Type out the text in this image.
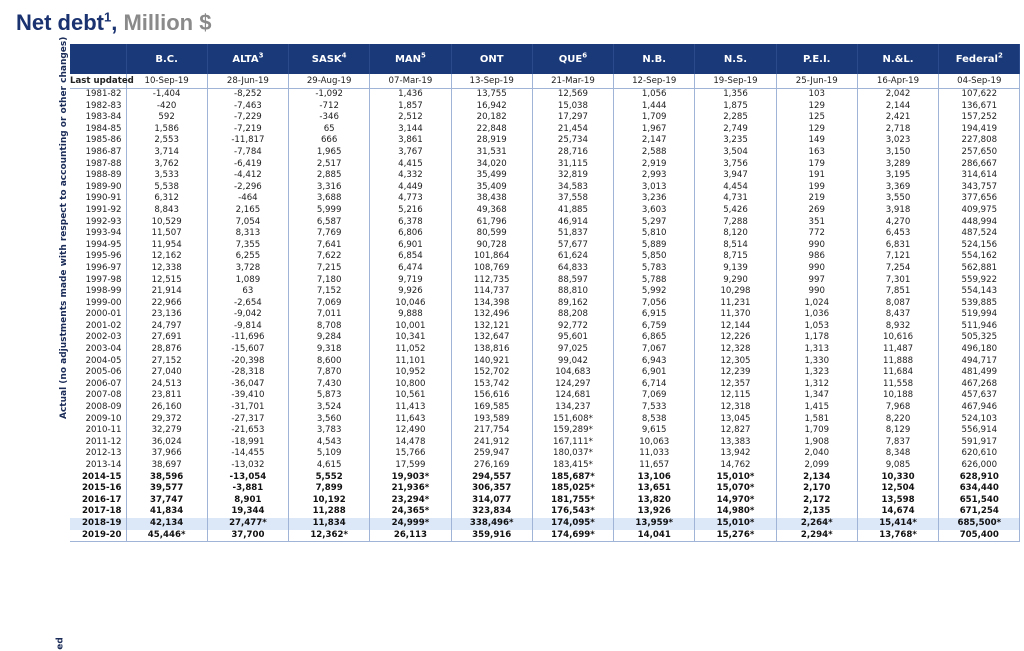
Net debt$^1$, Million $
Actual (no adjustments made with respect to accounting or other changes)
ed
	B.C.	ALTA$^3$	SASK$^4$	MAN$^5$	ONT	QUE$^6$	N.B.	N.S.	P.E.I.	N.&L.	Federal$^2$
Last updated	10-Sep-19	28-Jun-19	29-Aug-19	07-Mar-19	13-Sep-19	21-Mar-19	12-Sep-19	19-Sep-19	25-Jun-19	16-Apr-19	04-Sep-19
1981-82	-1,404	-8,252	-1,092	1,436	13,755	12,569	1,056	1,356	103	2,042	107,622
1982-83	-420	-7,463	-712	1,857	16,942	15,038	1,444	1,875	129	2,144	136,671
1983-84	592	-7,229	-346	2,512	20,182	17,297	1,709	2,285	125	2,421	157,252
1984-85	1,586	-7,219	65	3,144	22,848	21,454	1,967	2,749	129	2,718	194,419
1985-86	2,553	-11,817	666	3,861	28,919	25,734	2,147	3,235	149	3,023	227,808
1986-87	3,714	-7,784	1,965	3,767	31,531	28,716	2,588	3,504	163	3,150	257,650
1987-88	3,762	-6,419	2,517	4,415	34,020	31,115	2,919	3,756	179	3,289	286,667
1988-89	3,533	-4,412	2,885	4,332	35,499	32,819	2,993	3,947	191	3,195	314,614
1989-90	5,538	-2,296	3,316	4,449	35,409	34,583	3,013	4,454	199	3,369	343,757
1990-91	6,312	-464	3,688	4,773	38,438	37,558	3,236	4,731	219	3,550	377,656
1991-92	8,843	2,165	5,999	5,216	49,368	41,885	3,603	5,426	269	3,918	409,975
1992-93	10,529	7,054	6,587	6,378	61,796	46,914	5,297	7,288	351	4,270	448,994
1993-94	11,507	8,313	7,769	6,806	80,599	51,837	5,810	8,120	772	6,453	487,524
1994-95	11,954	7,355	7,641	6,901	90,728	57,677	5,889	8,514	990	6,831	524,156
1995-96	12,162	6,255	7,622	6,854	101,864	61,624	5,850	8,715	986	7,121	554,162
1996-97	12,338	3,728	7,215	6,474	108,769	64,833	5,783	9,139	990	7,254	562,881
1997-98	12,515	1,089	7,180	9,719	112,735	88,597	5,788	9,290	997	7,301	559,922
1998-99	21,914	63	7,152	9,926	114,737	88,810	5,992	10,298	990	7,851	554,143
1999-00	22,966	-2,654	7,069	10,046	134,398	89,162	7,056	11,231	1,024	8,087	539,885
2000-01	23,136	-9,042	7,011	9,888	132,496	88,208	6,915	11,370	1,036	8,437	519,994
2001-02	24,797	-9,814	8,708	10,001	132,121	92,772	6,759	12,144	1,053	8,932	511,946
2002-03	27,691	-11,696	9,284	10,341	132,647	95,601	6,865	12,226	1,178	10,616	505,325
2003-04	28,876	-15,607	9,318	11,052	138,816	97,025	7,067	12,328	1,313	11,487	496,180
2004-05	27,152	-20,398	8,600	11,101	140,921	99,042	6,943	12,305	1,330	11,888	494,717
2005-06	27,040	-28,318	7,870	10,952	152,702	104,683	6,901	12,239	1,323	11,684	481,499
2006-07	24,513	-36,047	7,430	10,800	153,742	124,297	6,714	12,357	1,312	11,558	467,268
2007-08	23,811	-39,410	5,873	10,561	156,616	124,681	7,069	12,115	1,347	10,188	457,637
2008-09	26,160	-31,701	3,524	11,413	169,585	134,237	7,533	12,318	1,415	7,968	467,946
2009-10	29,372	-27,317	3,560	11,643	193,589	151,608*	8,538	13,045	1,581	8,220	524,103
2010-11	32,279	-21,653	3,783	12,490	217,754	159,289*	9,615	12,827	1,709	8,129	556,914
2011-12	36,024	-18,991	4,543	14,478	241,912	167,111*	10,063	13,383	1,908	7,837	591,917
2012-13	37,966	-14,455	5,109	15,766	259,947	180,037*	11,033	13,942	2,040	8,348	620,610
2013-14	38,697	-13,032	4,615	17,599	276,169	183,415*	11,657	14,762	2,099	9,085	626,000
2014-15	38,596	-13,054	5,552	19,903*	294,557	185,687*	13,106	15,010*	2,134	10,330	628,910
2015-16	39,577	-3,881	7,899	21,936*	306,357	185,025*	13,651	15,070*	2,170	12,504	634,440
2016-17	37,747	8,901	10,192	23,294*	314,077	181,755*	13,820	14,970*	2,172	13,598	651,540
2017-18	41,834	19,344	11,288	24,365*	323,834	176,543*	13,926	14,980*	2,135	14,674	671,254
2018-19	42,134	27,477*	11,834	24,999*	338,496*	174,095*	13,959*	15,010*	2,264*	15,414*	685,500*
2019-20	45,446*	37,700	12,362*	26,113	359,916	174,699*	14,041	15,276*	2,294*	13,768*	705,400
